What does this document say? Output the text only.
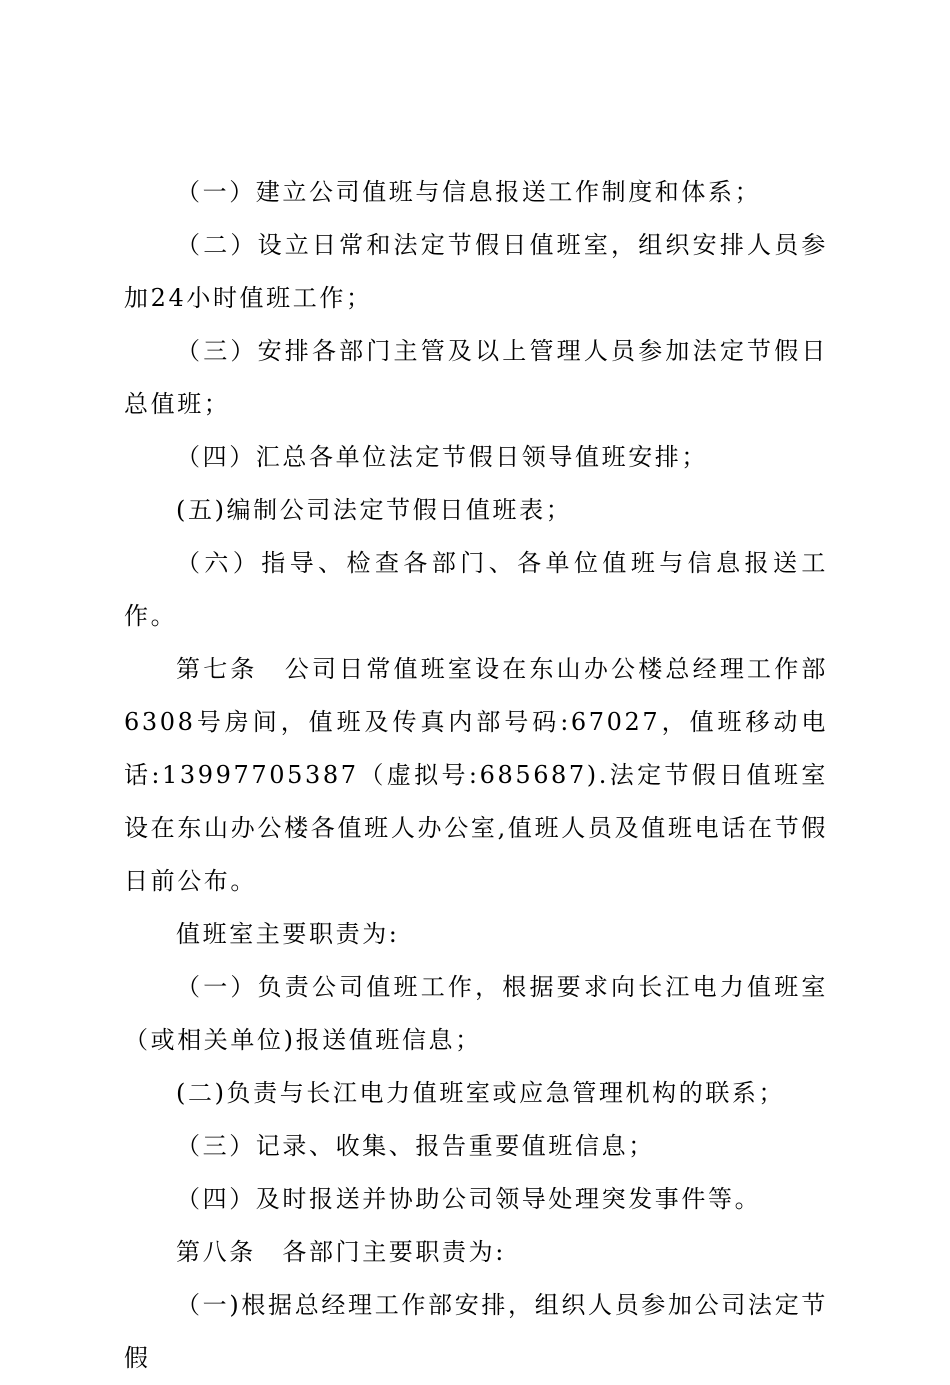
（一）建立公司值班与信息报送工作制度和体系；

（二）设立日常和法定节假日值班室，组织安排人员参加24小时值班工作；

（三）安排各部门主管及以上管理人员参加法定节假日总值班；

（四）汇总各单位法定节假日领导值班安排；

(五)编制公司法定节假日值班表；

（六）指导、检查各部门、各单位值班与信息报送工作。

第七条　公司日常值班室设在东山办公楼总经理工作部6308号房间，值班及传真内部号码:67027，值班移动电话:13997705387（虚拟号:685687).法定节假日值班室设在东山办公楼各值班人办公室,值班人员及值班电话在节假日前公布。

值班室主要职责为:

（一）负责公司值班工作，根据要求向长江电力值班室（或相关单位)报送值班信息；

(二)负责与长江电力值班室或应急管理机构的联系；

（三）记录、收集、报告重要值班信息；

（四）及时报送并协助公司领导处理突发事件等。

第八条　各部门主要职责为:

（一)根据总经理工作部安排，组织人员参加公司法定节假
